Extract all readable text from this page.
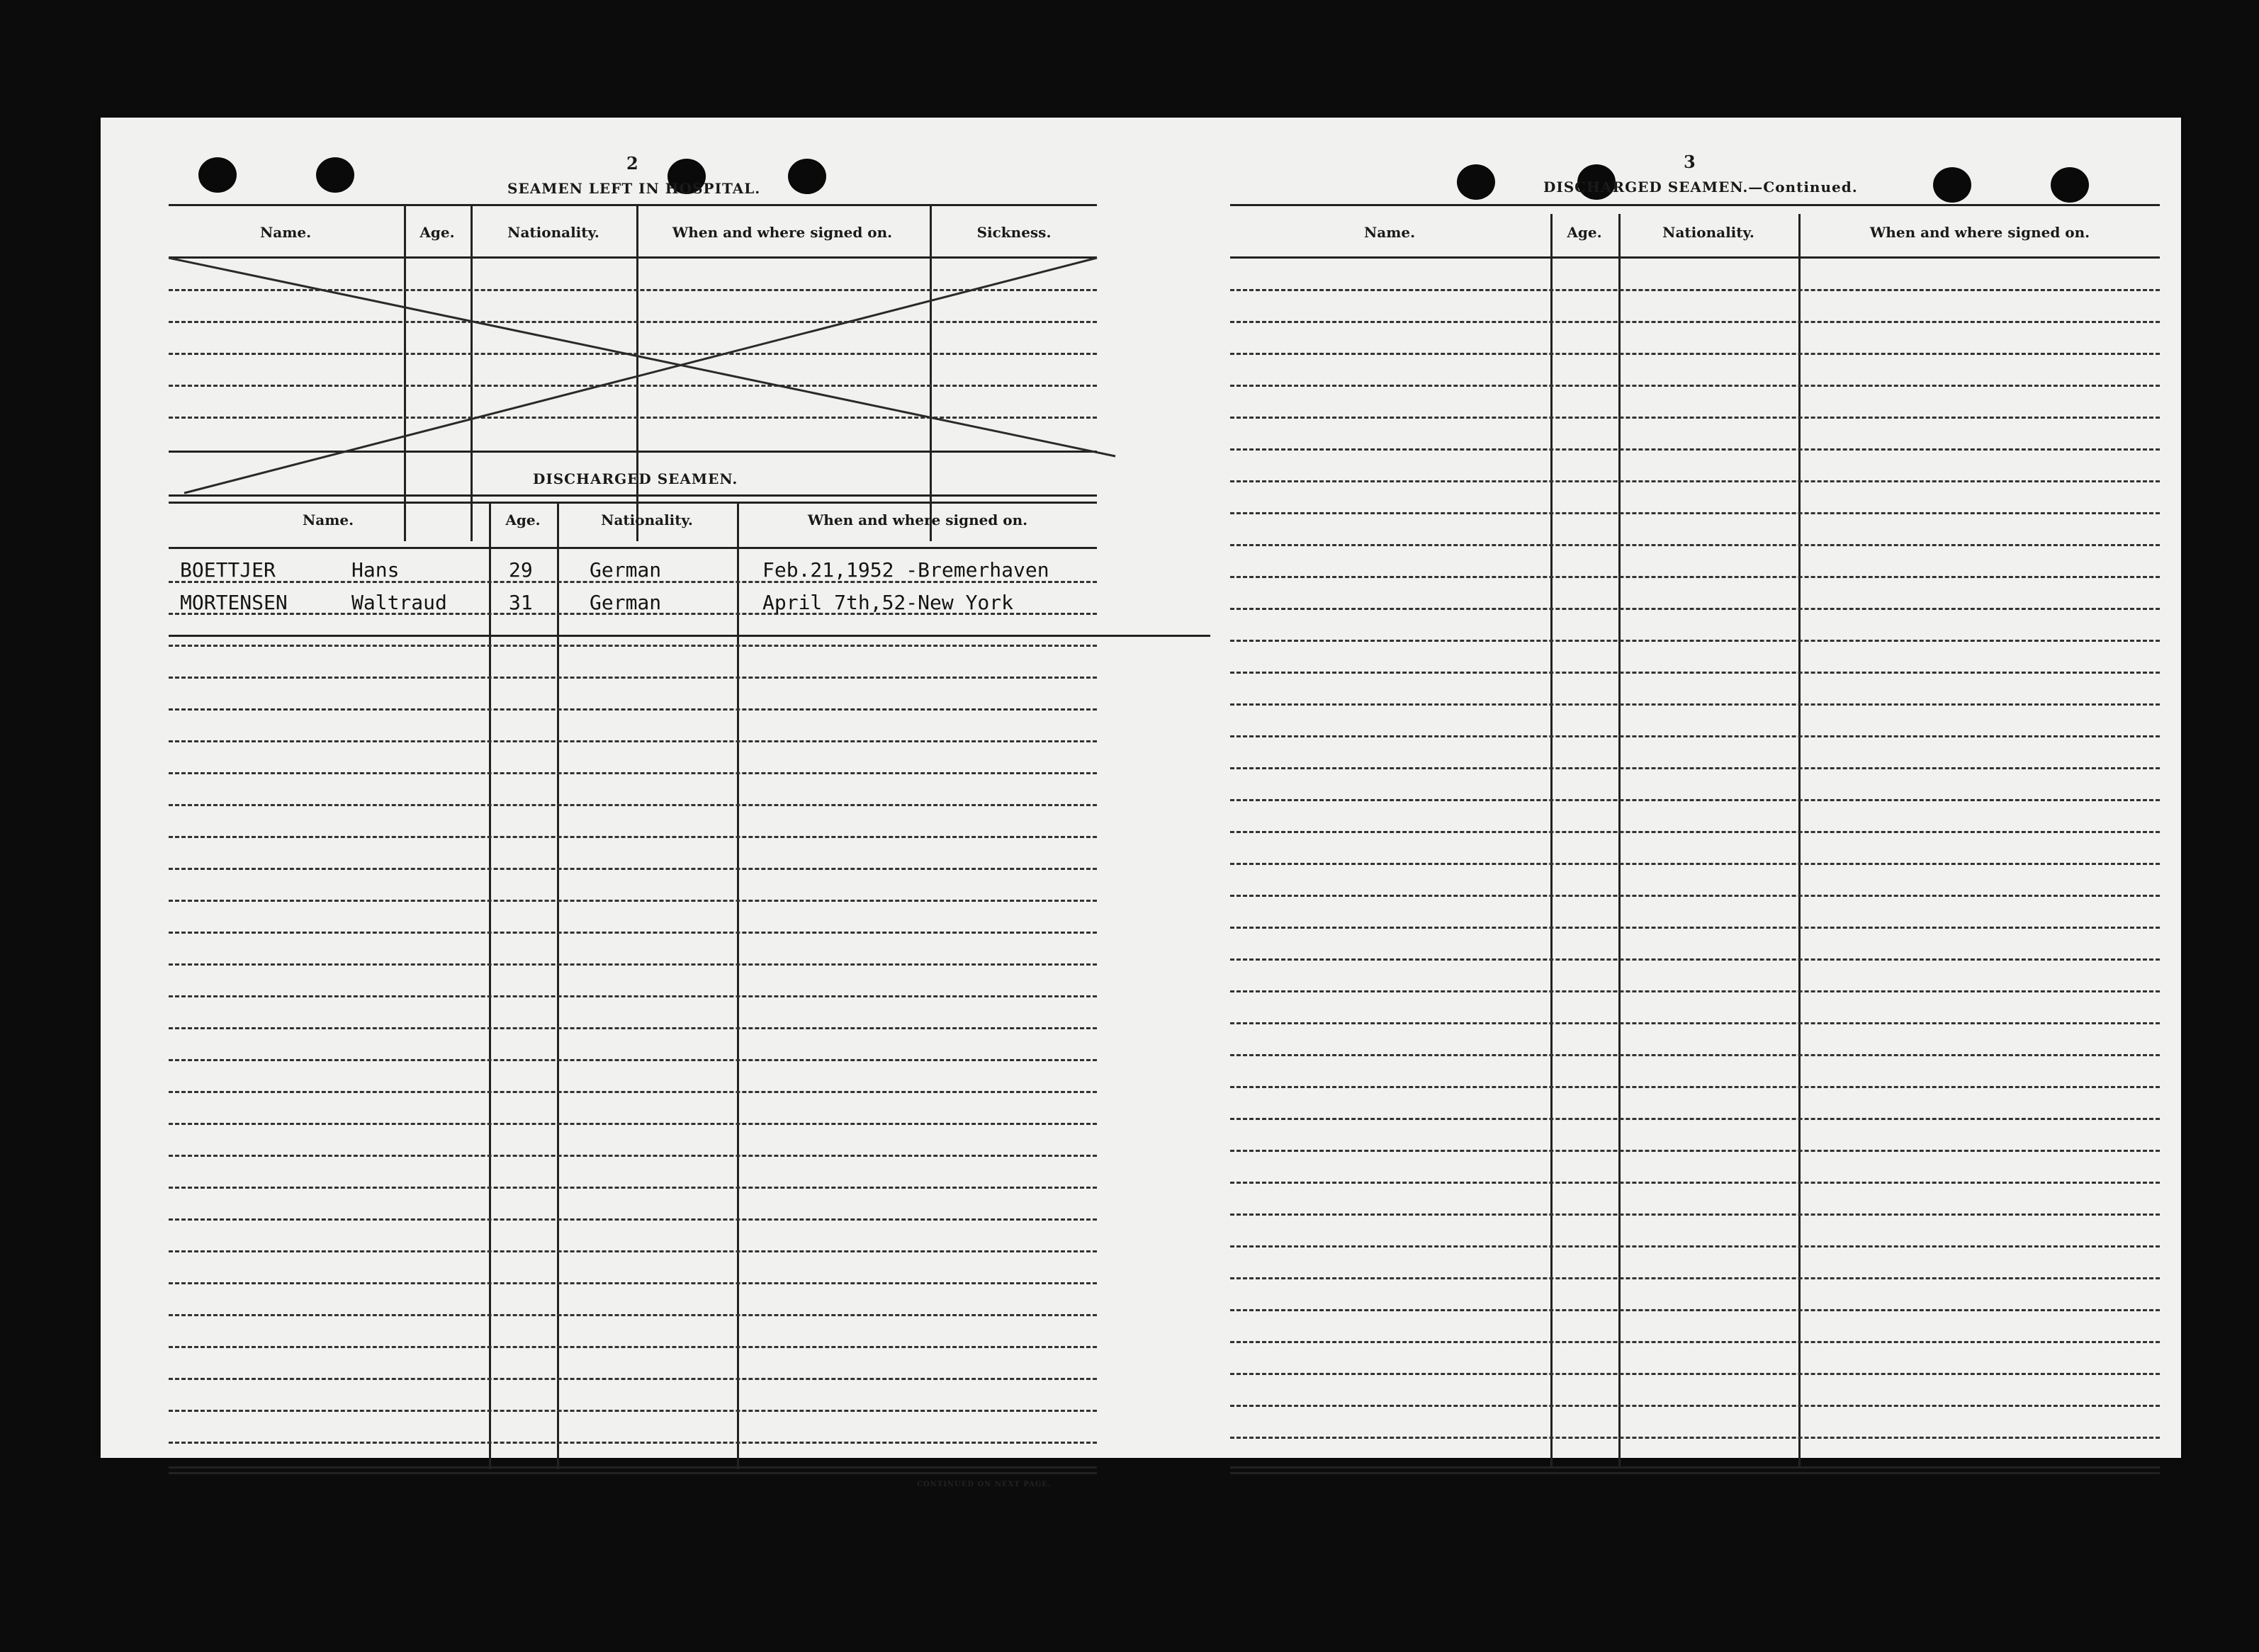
2
SEAMEN LEFT IN HOSPITAL.
Name.	Age.	Nationality.	When and where signed on.	Sickness.
DISCHARGED SEAMEN.
Name.	Age.	Nationality.	When and where signed on.
BOETTJER	Hans	29	German	Feb.21,1952 -Bremerhaven
MORTENSEN	Waltraud	31	German	April 7th,52-New York
CONTINUED ON NEXT PAGE.
3
DISCHARGED SEAMEN.—Continued.
Name.	Age.	Nationality.	When and where signed on.
